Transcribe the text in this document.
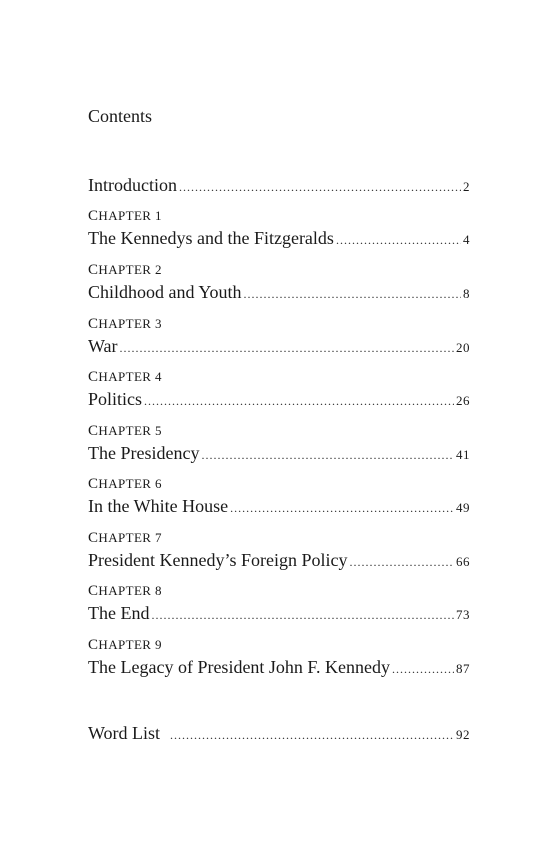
Contents
Introduction .....	2
CHAPTER 1
The Kennedys and the Fitzgeralds .....	4
CHAPTER 2
Childhood and Youth .....	8
CHAPTER 3
War .....	20
CHAPTER 4
Politics .....	26
CHAPTER 5
The Presidency .....	41
CHAPTER 6
In the White House .....	49
CHAPTER 7
President Kennedy’s Foreign Policy .....	66
CHAPTER 8
The End .....	73
CHAPTER 9
The Legacy of President John F. Kennedy .....	87
Word List .....	92
